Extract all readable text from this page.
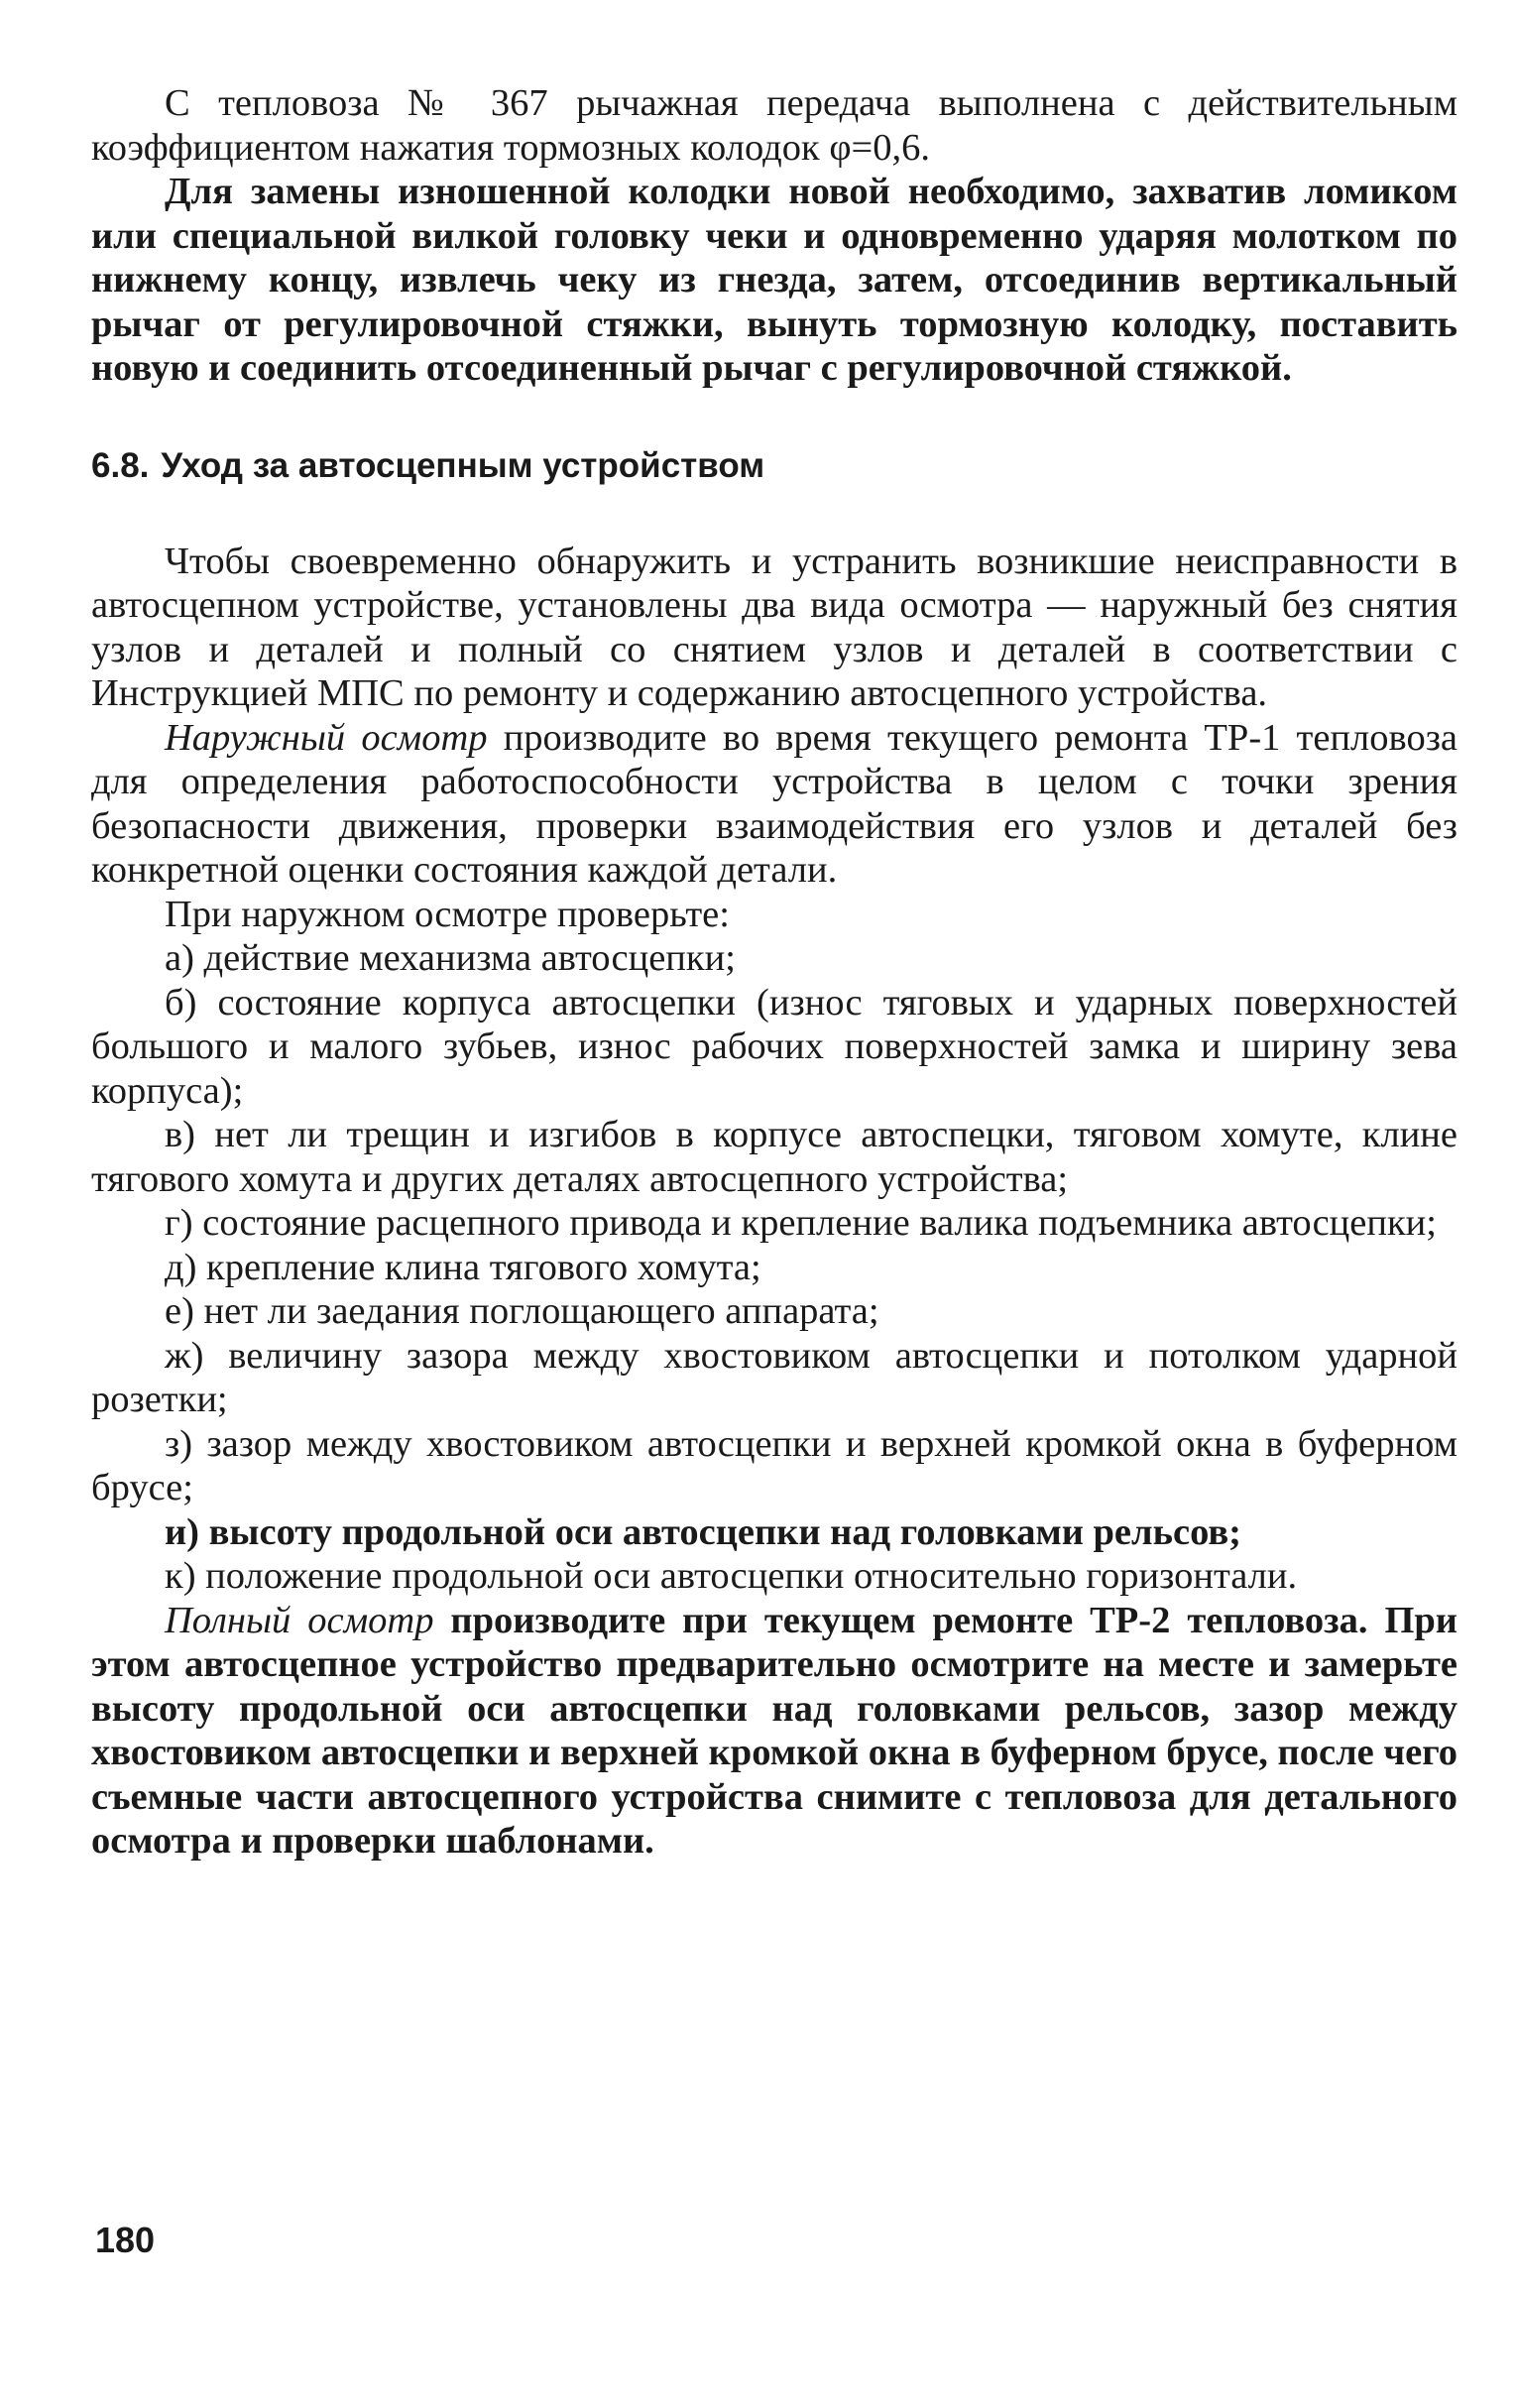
С тепловоза № 367 рычажная передача выполнена с действительным коэффициентом нажатия тормозных колодок φ=0,6.

Для замены изношенной колодки новой необходимо, захватив ломиком или специальной вилкой головку чеки и одновременно ударяя молотком по нижнему концу, извлечь чеку из гнезда, затем, отсоединив вертикальный рычаг от регулировочной стяжки, вынуть тормозную колодку, поставить новую и соединить отсоединенный рычаг с регулировочной стяжкой.

6.8. Уход за автосцепным устройством

Чтобы своевременно обнаружить и устранить возникшие неисправности в автосцепном устройстве, установлены два вида осмотра — наружный без снятия узлов и деталей и полный со снятием узлов и деталей в соответствии с Инструкцией МПС по ремонту и содержанию автосцепного устройства.

Наружный осмотр производите во время текущего ремонта ТР-1 тепловоза для определения работоспособности устройства в целом с точки зрения безопасности движения, проверки взаимодействия его узлов и деталей без конкретной оценки состояния каждой детали.

При наружном осмотре проверьте:

а) действие механизма автосцепки;

б) состояние корпуса автосцепки (износ тяговых и ударных поверхностей большого и малого зубьев, износ рабочих поверхностей замка и ширину зева корпуса);

в) нет ли трещин и изгибов в корпусе автоспецки, тяговом хомуте, клине тягового хомута и других деталях автосцепного устройства;

г) состояние расцепного привода и крепление валика подъемника автосцепки;

д) крепление клина тягового хомута;

е) нет ли заедания поглощающего аппарата;

ж) величину зазора между хвостовиком автосцепки и потолком ударной розетки;

з) зазор между хвостовиком автосцепки и верхней кромкой окна в буферном брусе;

и) высоту продольной оси автосцепки над головками рельсов;

к) положение продольной оси автосцепки относительно горизонтали.

Полный осмотр производите при текущем ремонте ТР-2 тепловоза. При этом автосцепное устройство предварительно осмотрите на месте и замерьте высоту продольной оси автосцепки над головками рельсов, зазор между хвостовиком автосцепки и верхней кромкой окна в буферном брусе, после чего съемные части автосцепного устройства снимите с тепловоза для детального осмотра и проверки шаблонами.

180
